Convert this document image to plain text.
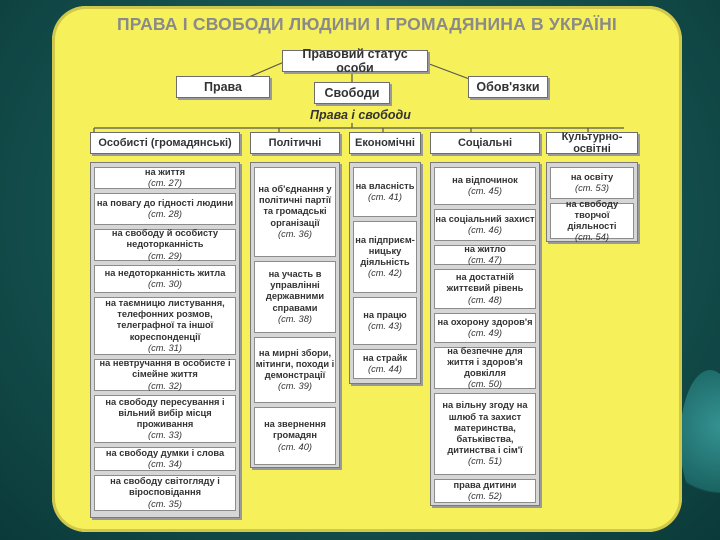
ПРАВА І СВОБОДИ ЛЮДИНИ І ГРОМАДЯНИНА В УКРАЇНІ
Правовий статус особи
Права	Свободи	Обов'язки
Права і свободи
Особисті (громадянські)	Політичні	Економічні	Соціальні	Культурно-освітні
на життя
(ст. 27)
на повагу до гідності людини
(ст. 28)
на свободу й особисту недоторканність
(ст. 29)
на недоторканність житла
(ст. 30)
на таємницю листування, телефонних розмов, телеграфної та іншої кореспонденції
(ст. 31)
на невтручання в особисте і сімейне життя
(ст. 32)
на свободу пересування і вільний вибір місця проживання
(ст. 33)
на свободу думки і слова
(ст. 34)
на свободу світогляду і віросповідання
(ст. 35)
на об'єднання у політичні партії та громадські організації
(ст. 36)
на участь в управлінні державними справами
(ст. 38)
на мирні збори, мітинги, походи і демонстрації
(ст. 39)
на звернення громадян
(ст. 40)
на власність
(ст. 41)
на підприєм-ницьку діяльність
(ст. 42)
на працю
(ст. 43)
на страйк
(ст. 44)
на відпочинок
(ст. 45)
на соціальний захист
(ст. 46)
на житло
(ст. 47)
на достатній життєвий рівень
(ст. 48)
на охорону здоров'я
(ст. 49)
на безпечне для життя і здоров'я довкілля
(ст. 50)
на вільну згоду на шлюб та захист материнства, батьківства, дитинства і сім'ї
(ст. 51)
права дитини
(ст. 52)
на освіту
(ст. 53)
на свободу творчої діяльності
(ст. 54)
